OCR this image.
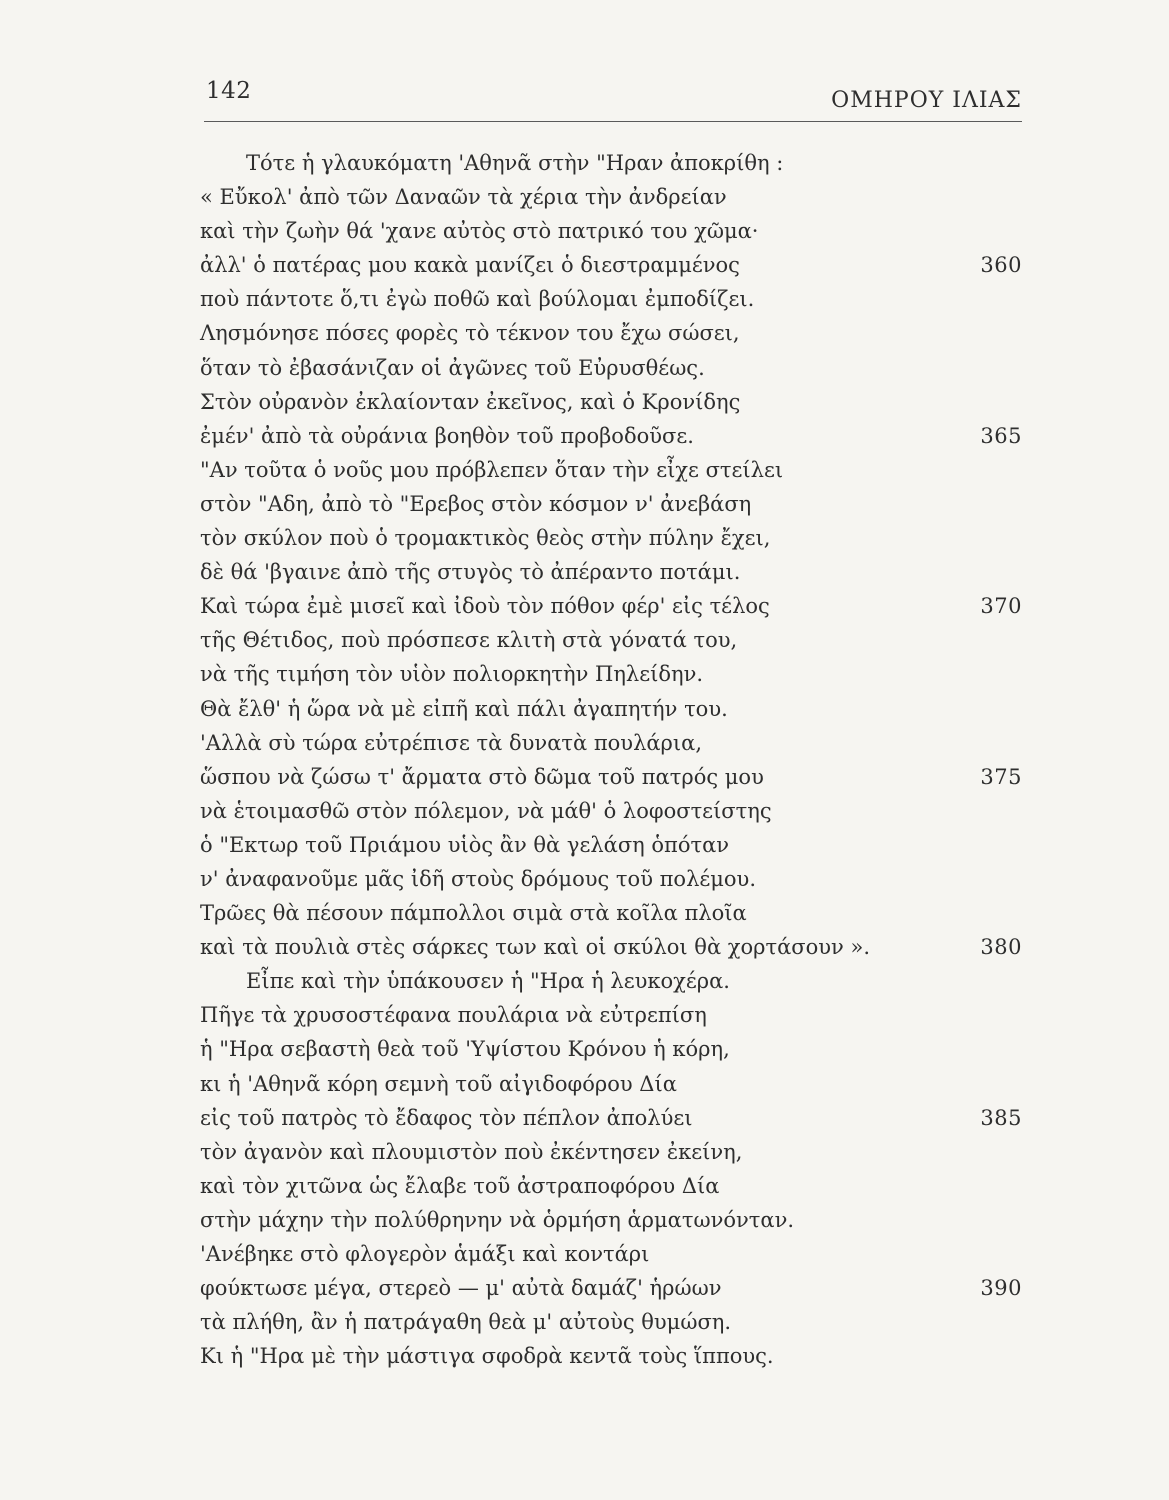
142	ΟΜΗΡΟΥ ΙΛΙΑΣ
Τότε ἡ γλαυκόματη 'Αθηνᾶ στὴν "Ηραν ἀποκρίθη :
« Εὔκολ' ἀπὸ τῶν Δαναῶν τὰ χέρια τὴν ἀνδρείαν
καὶ τὴν ζωὴν θά 'χανε αὐτὸς στὸ πατρικό του χῶμα·
ἀλλ' ὁ πατέρας μου κακὰ μανίζει ὁ διεστραμμένος	360
ποὺ πάντοτε ὅ,τι ἐγὼ ποθῶ καὶ βούλομαι ἐμποδίζει.
Λησμόνησε πόσες φορὲς τὸ τέκνον του ἔχω σώσει,
ὅταν τὸ ἐβασάνιζαν οἱ ἀγῶνες τοῦ Εὐρυσθέως.
Στὸν οὐρανὸν ἐκλαίονταν ἐκεῖνος, καὶ ὁ Κρονίδης
ἐμέν' ἀπὸ τὰ οὐράνια βοηθὸν τοῦ προβοδοῦσε.	365
"Αν τοῦτα ὁ νοῦς μου πρόβλεπεν ὅταν τὴν εἶχε στείλει
στὸν "Αδη, ἀπὸ τὸ "Ερεβος στὸν κόσμον ν' ἀνεβάση
τὸν σκύλον ποὺ ὁ τρομακτικὸς θεὸς στὴν πύλην ἔχει,
δὲ θά 'βγαινε ἀπὸ τῆς στυγὸς τὸ ἀπέραντο ποτάμι.
Καὶ τώρα ἐμὲ μισεῖ καὶ ἰδοὺ τὸν πόθον φέρ' εἰς τέλος	370
τῆς Θέτιδος, ποὺ πρόσπεσε κλιτὴ στὰ γόνατά του,
νὰ τῆς τιμήση τὸν υἱὸν πολιορκητὴν Πηλείδην.
Θὰ ἔλθ' ἡ ὥρα νὰ μὲ εἰπῆ καὶ πάλι ἀγαπητήν του.
'Αλλὰ σὺ τώρα εὐτρέπισε τὰ δυνατὰ πουλάρια,
ὥσπου νὰ ζώσω τ' ἄρματα στὸ δῶμα τοῦ πατρός μου	375
νὰ ἑτοιμασθῶ στὸν πόλεμον, νὰ μάθ' ὁ λοφοστείστης
ὁ "Εκτωρ τοῦ Πριάμου υἱὸς ἂν θὰ γελάση ὁπόταν
ν' ἀναφανοῦμε μᾶς ἰδῆ στοὺς δρόμους τοῦ πολέμου.
Τρῶες θὰ πέσουν πάμπολλοι σιμὰ στὰ κοῖλα πλοῖα
καὶ τὰ πουλιὰ στὲς σάρκες των καὶ οἱ σκύλοι θὰ χορτάσουν ».	380
Εἶπε καὶ τὴν ὑπάκουσεν ἡ "Ηρα ἡ λευκοχέρα.
Πῆγε τὰ χρυσοστέφανα πουλάρια νὰ εὐτρεπίση
ἡ "Ηρα σεβαστὴ θεὰ τοῦ 'Υψίστου Κρόνου ἡ κόρη,
κι ἡ 'Αθηνᾶ κόρη σεμνὴ τοῦ αἰγιδοφόρου Δία
εἰς τοῦ πατρὸς τὸ ἔδαφος τὸν πέπλον ἀπολύει	385
τὸν ἀγανὸν καὶ πλουμιστὸν ποὺ ἐκέντησεν ἐκείνη,
καὶ τὸν χιτῶνα ὡς ἔλαβε τοῦ ἀστραποφόρου Δία
στὴν μάχην τὴν πολύθρηνην νὰ ὁρμήση ἁρματωνόνταν.
'Ανέβηκε στὸ φλογερὸν ἁμάξι καὶ κοντάρι
φούκτωσε μέγα, στερεὸ — μ' αὐτὰ δαμάζ' ἡρώων	390
τὰ πλήθη, ἂν ἡ πατράγαθη θεὰ μ' αὐτοὺς θυμώση.
Κι ἡ "Ηρα μὲ τὴν μάστιγα σφοδρὰ κεντᾶ τοὺς ἵππους.
